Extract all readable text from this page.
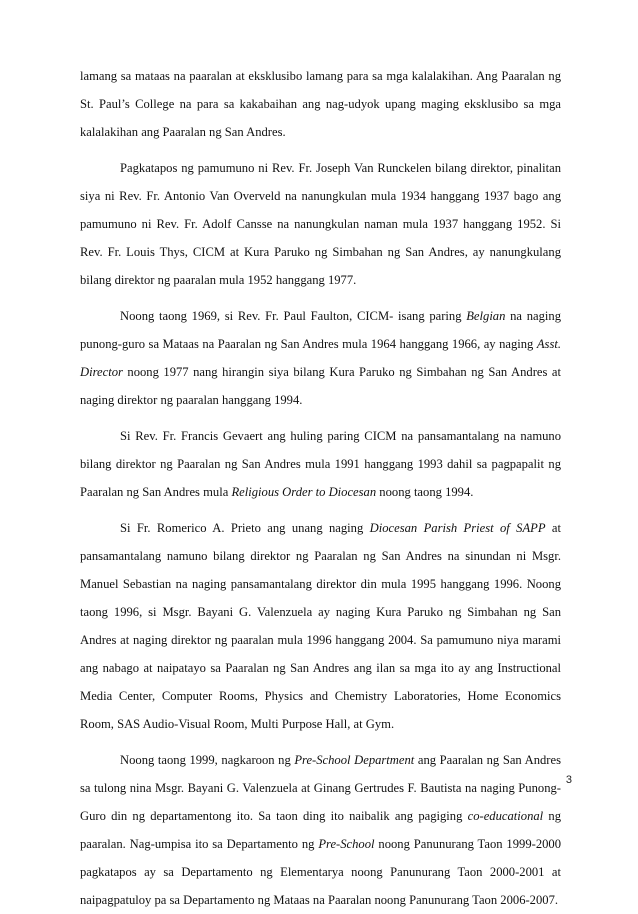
lamang sa mataas na paaralan at eksklusibo lamang para sa mga kalalakihan. Ang Paaralan ng St. Paul’s College na para sa kakabaihan ang nag-udyok upang maging eksklusibo sa mga kalalakihan ang Paaralan ng San Andres.

Pagkatapos ng pamumuno ni Rev. Fr. Joseph Van Runckelen bilang direktor, pinalitan siya ni Rev. Fr. Antonio Van Overveld na nanungkulan mula 1934 hanggang 1937 bago ang pamumuno ni Rev. Fr. Adolf Cansse na nanungkulan naman mula 1937 hanggang 1952. Si Rev. Fr. Louis Thys, CICM at Kura Paruko ng Simbahan ng San Andres, ay nanungkulang bilang direktor ng paaralan mula 1952 hanggang 1977.

Noong taong 1969, si Rev. Fr. Paul Faulton, CICM- isang paring Belgian na naging punong-guro sa Mataas na Paaralan ng San Andres mula 1964 hanggang 1966, ay naging Asst. Director noong 1977 nang hirangin siya bilang Kura Paruko ng Simbahan ng San Andres at naging direktor ng paaralan hanggang 1994.

Si Rev. Fr. Francis Gevaert ang huling paring CICM na pansamantalang na namuno bilang direktor ng Paaralan ng San Andres mula 1991 hanggang 1993 dahil sa pagpapalit ng Paaralan ng San Andres mula Religious Order to Diocesan noong taong 1994.

Si Fr. Romerico A. Prieto ang unang naging Diocesan Parish Priest of SAPP at pansamantalang namuno bilang direktor ng Paaralan ng San Andres na sinundan ni Msgr. Manuel Sebastian na naging pansamantalang direktor din mula 1995 hanggang 1996. Noong taong 1996, si Msgr. Bayani G. Valenzuela ay naging Kura Paruko ng Simbahan ng San Andres at naging direktor ng paaralan mula 1996 hanggang 2004. Sa pamumuno niya marami ang nabago at naipatayo sa Paaralan ng San Andres ang ilan sa mga ito ay ang Instructional Media Center, Computer Rooms, Physics and Chemistry Laboratories, Home Economics Room, SAS Audio-Visual Room, Multi Purpose Hall, at Gym.

Noong taong 1999, nagkaroon ng Pre-School Department ang Paaralan ng San Andres sa tulong nina Msgr. Bayani G. Valenzuela at Ginang Gertrudes F. Bautista na naging Punong-Guro din ng departamentong ito. Sa taon ding ito naibalik ang pagiging co-educational ng paaralan. Nag-umpisa ito sa Departamento ng Pre-School noong Panunurang Taon 1999-2000 pagkatapos ay sa Departamento ng Elementarya noong Panunurang Taon 2000-2001 at naipagpatuloy pa sa Departamento ng Mataas na Paaralan noong Panunurang Taon 2006-2007.

3
